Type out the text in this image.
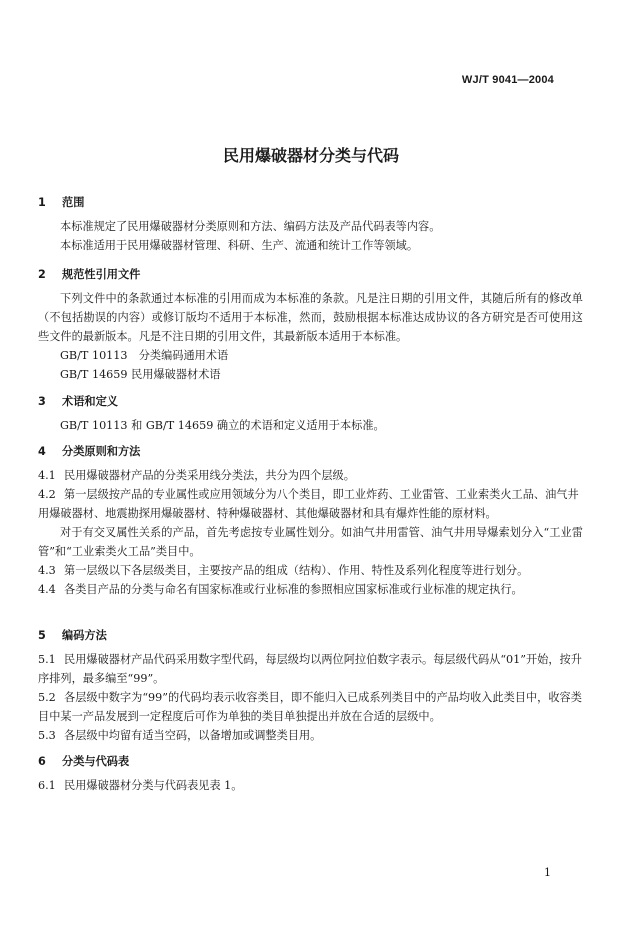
WJ/T 9041—2004
民用爆破器材分类与代码
1 范围
本标准规定了民用爆破器材分类原则和方法、编码方法及产品代码表等内容。
本标准适用于民用爆破器材管理、科研、生产、流通和统计工作等领域。
2 规范性引用文件
下列文件中的条款通过本标准的引用而成为本标准的条款。凡是注日期的引用文件，其随后所有的修改单（不包括勘误的内容）或修订版均不适用于本标准，然而，鼓励根据本标准达成协议的各方研究是否可使用这些文件的最新版本。凡是不注日期的引用文件，其最新版本适用于本标准。
GB/T 10113　分类编码通用术语
GB/T 14659 民用爆破器材术语
3 术语和定义
GB/T 10113 和 GB/T 14659 确立的术语和定义适用于本标准。
4 分类原则和方法
4.1 民用爆破器材产品的分类采用线分类法，共分为四个层级。
4.2 第一层级按产品的专业属性或应用领域分为八个类目，即工业炸药、工业雷管、工业索类火工品、油气井用爆破器材、地震勘探用爆破器材、特种爆破器材、其他爆破器材和具有爆炸性能的原材料。
对于有交叉属性关系的产品，首先考虑按专业属性划分。如油气井用雷管、油气井用导爆索划分入“工业雷管”和“工业索类火工品”类目中。
4.3 第一层级以下各层级类目，主要按产品的组成（结构）、作用、特性及系列化程度等进行划分。
4.4 各类目产品的分类与命名有国家标准或行业标准的参照相应国家标准或行业标准的规定执行。
5 编码方法
5.1 民用爆破器材产品代码采用数字型代码，每层级均以两位阿拉伯数字表示。每层级代码从“01”开始，按升序排列，最多编至“99”。
5.2 各层级中数字为“99”的代码均表示收容类目，即不能归入已成系列类目中的产品均收入此类目中，收容类目中某一产品发展到一定程度后可作为单独的类目单独提出并放在合适的层级中。
5.3 各层级中均留有适当空码，以备增加或调整类目用。
6 分类与代码表
6.1 民用爆破器材分类与代码表见表 1。
1
